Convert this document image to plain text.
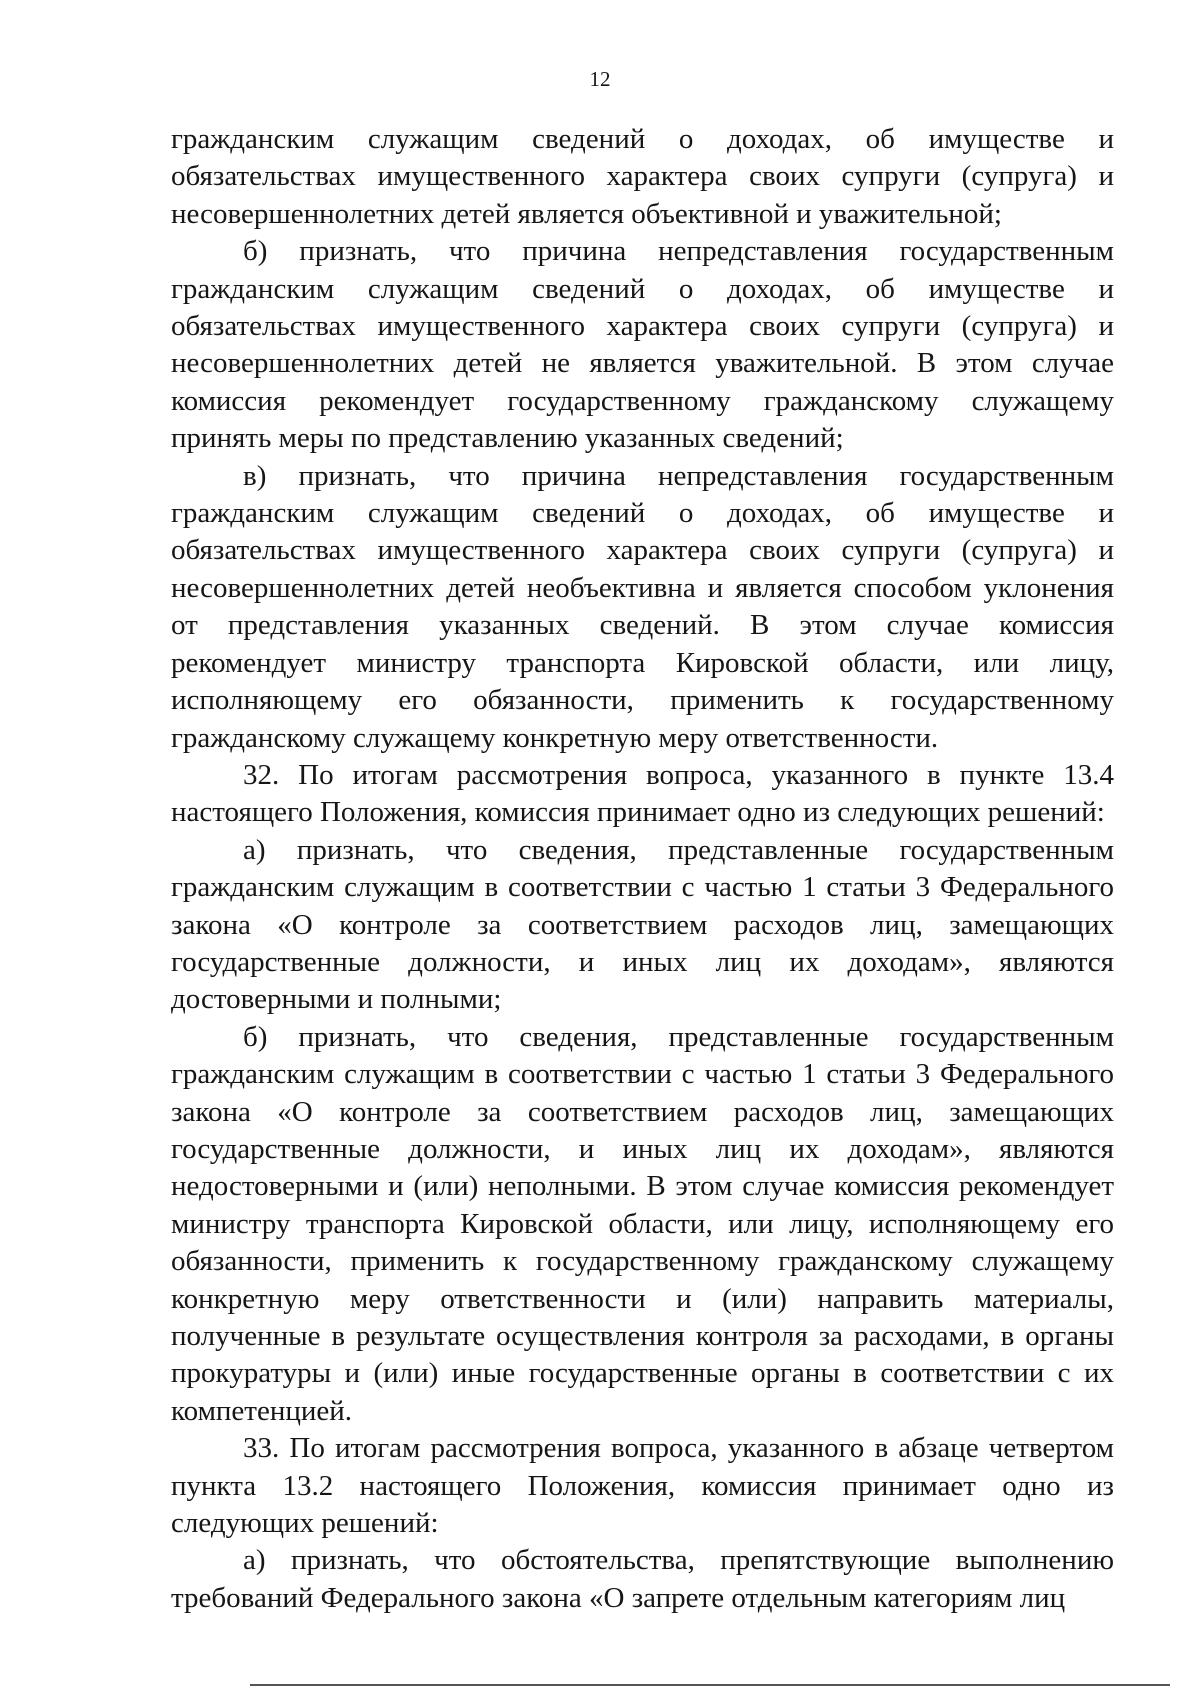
12

гражданским служащим сведений о доходах, об имуществе и обязательствах имущественного характера своих супруги (супруга) и несовершеннолетних детей является объективной и уважительной;

б) признать, что причина непредставления государственным гражданским служащим сведений о доходах, об имуществе и обязательствах имущественного характера своих супруги (супруга) и несовершеннолетних детей не является уважительной. В этом случае комиссия рекомендует государственному гражданскому служащему принять меры по представлению указанных сведений;

в) признать, что причина непредставления государственным гражданским служащим сведений о доходах, об имуществе и обязательствах имущественного характера своих супруги (супруга) и несовершеннолетних детей необъективна и является способом уклонения от представления указанных сведений. В этом случае комиссия рекомендует министру транспорта Кировской области, или лицу, исполняющему его обязанности, применить к государственному гражданскому служащему конкретную меру ответственности.

32. По итогам рассмотрения вопроса, указанного в пункте 13.4 настоящего Положения, комиссия принимает одно из следующих решений:

а) признать, что сведения, представленные государственным гражданским служащим в соответствии с частью 1 статьи 3 Федерального закона «О контроле за соответствием расходов лиц, замещающих государственные должности, и иных лиц их доходам», являются достоверными и полными;

б) признать, что сведения, представленные государственным гражданским служащим в соответствии с частью 1 статьи 3 Федерального закона «О контроле за соответствием расходов лиц, замещающих государственные должности, и иных лиц их доходам», являются недостоверными и (или) неполными. В этом случае комиссия рекомендует министру транспорта Кировской области, или лицу, исполняющему его обязанности, применить к государственному гражданскому служащему конкретную меру ответственности и (или) направить материалы, полученные в результате осуществления контроля за расходами, в органы прокуратуры и (или) иные государственные органы в соответствии с их компетенцией.

33. По итогам рассмотрения вопроса, указанного в абзаце четвертом пункта 13.2 настоящего Положения, комиссия принимает одно из следующих решений:

а) признать, что обстоятельства, препятствующие выполнению требований Федерального закона «О запрете отдельным категориям лиц
